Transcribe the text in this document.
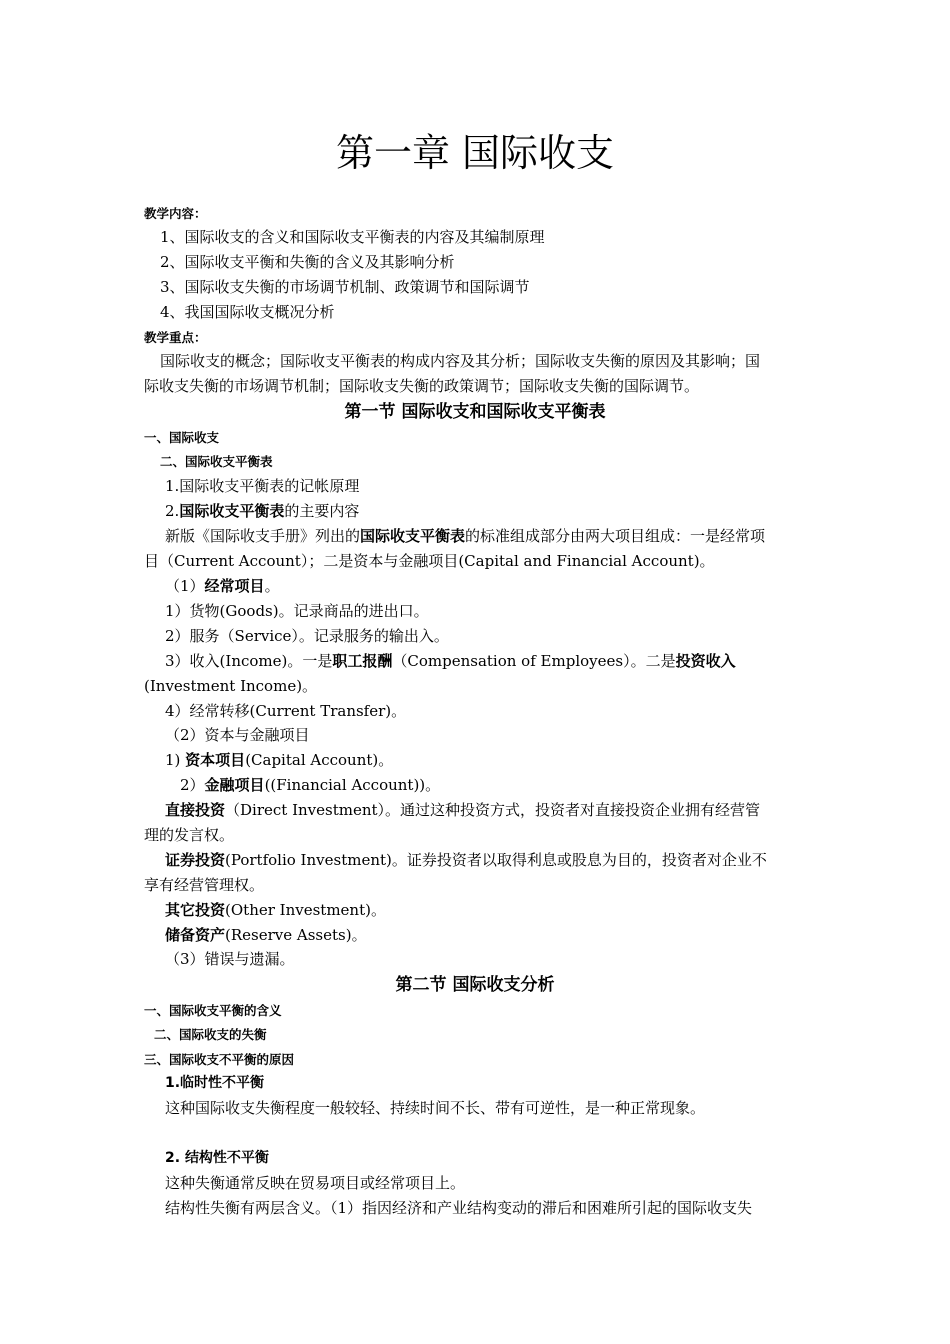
第一章 国际收支
教学内容：
1、国际收支的含义和国际收支平衡表的内容及其编制原理
2、国际收支平衡和失衡的含义及其影响分析
3、国际收支失衡的市场调节机制、政策调节和国际调节
4、我国国际收支概况分析
教学重点：
国际收支的概念；国际收支平衡表的构成内容及其分析；国际收支失衡的原因及其影响；国
际收支失衡的市场调节机制；国际收支失衡的政策调节；国际收支失衡的国际调节。
第一节 国际收支和国际收支平衡表
一、国际收支
二、国际收支平衡表
1.国际收支平衡表的记帐原理
2.国际收支平衡表的主要内容
新版《国际收支手册》列出的国际收支平衡表的标准组成部分由两大项目组成：一是经常项
目（Current Account）；二是资本与金融项目(Capital and Financial Account)。
（1）经常项目。
1）货物(Goods)。记录商品的进出口。
2）服务（Service）。记录服务的输出入。
3）收入(Income)。一是职工报酬（Compensation of Employees）。二是投资收入
(Investment Income)。
4）经常转移(Current Transfer)。
（2）资本与金融项目
1) 资本项目(Capital Account)。
2）金融项目((Financial Account))。
直接投资（Direct Investment）。通过这种投资方式，投资者对直接投资企业拥有经营管
理的发言权。
证券投资(Portfolio Investment)。证券投资者以取得利息或股息为目的，投资者对企业不
享有经营管理权。
其它投资(Other Investment)。
储备资产(Reserve Assets)。
（3）错误与遗漏。
第二节 国际收支分析
一、国际收支平衡的含义
二、国际收支的失衡
三、国际收支不平衡的原因
1.临时性不平衡
这种国际收支失衡程度一般较轻、持续时间不长、带有可逆性，是一种正常现象。
2. 结构性不平衡
这种失衡通常反映在贸易项目或经常项目上。
结构性失衡有两层含义。（1）指因经济和产业结构变动的滞后和困难所引起的国际收支失
